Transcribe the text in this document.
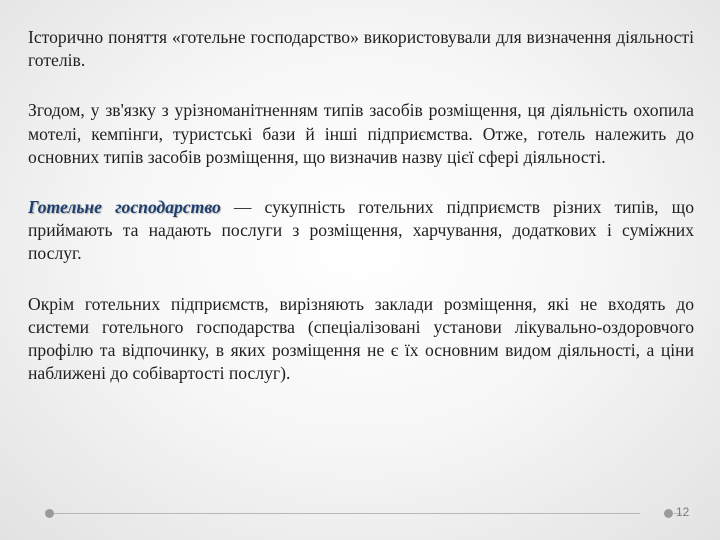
Історично поняття «готельне господарство» використовували для визначення діяльності готелів.

Згодом, у зв'язку з урізноманітненням типів засобів розміщення, ця діяльність охопила мотелі, кемпінги, туристські бази й інші підприємства. Отже, готель належить до основних типів засобів розміщення, що визначив назву цієї сфері діяльності.

Готельне господарство — сукупність готельних підприємств різних типів, що приймають та надають послуги з розміщення, харчування, додаткових і суміжних послуг.

Окрім готельних підприємств, вирізняють заклади розміщення, які не входять до системи готельного господарства (спеціалізовані установи лікувально-оздоровчого профілю та відпочинку, в яких розміщення не є їх основним видом діяльності, а ціни наближені до собівартості послуг).

12
